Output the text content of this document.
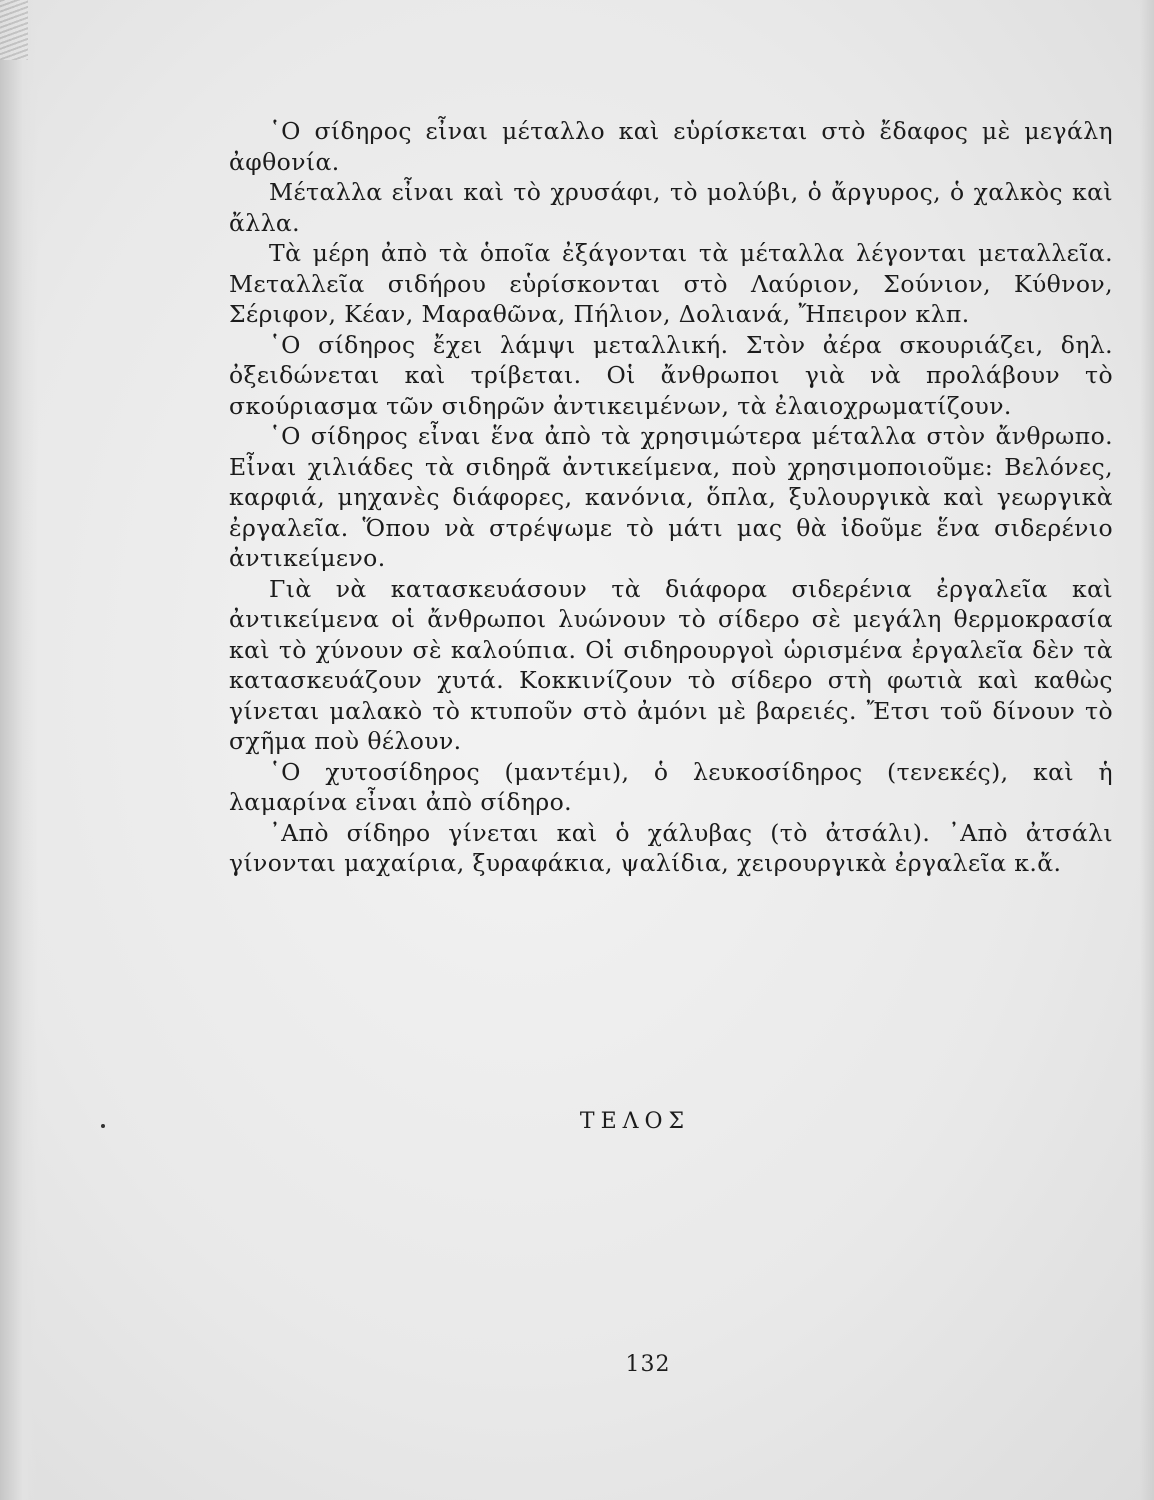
῾Ο σίδηρος εἶναι μέταλλο καὶ εὑρίσκεται στὸ ἔδαφος μὲ μεγάλη ἀφθονία.

Μέταλλα εἶναι καὶ τὸ χρυσάφι, τὸ μολύβι, ὁ ἄργυρος, ὁ χαλκὸς καὶ ἄλλα.

Τὰ μέρη ἀπὸ τὰ ὁποῖα ἐξάγονται τὰ μέταλλα λέγονται μεταλλεῖα. Μεταλλεῖα σιδήρου εὑρίσκονται στὸ Λαύριον, Σούνιον, Κύθνον, Σέριφον, Κέαν, Μαραθῶνα, Πήλιον, Δολιανά, Ἤπειρον κλπ.

῾Ο σίδηρος ἔχει λάμψι μεταλλική. Στὸν ἀέρα σκουριάζει, δηλ. ὀξειδώνεται καὶ τρίβεται. Οἱ ἄνθρωποι γιὰ νὰ προλάβουν τὸ σκούριασμα τῶν σιδηρῶν ἀντικειμένων, τὰ ἐλαιοχρωματίζουν.

῾Ο σίδηρος εἶναι ἕνα ἀπὸ τὰ χρησιμώτερα μέταλλα στὸν ἄνθρωπο. Εἶναι χιλιάδες τὰ σιδηρᾶ ἀντικείμενα, ποὺ χρησιμοποιοῦμε: Βελόνες, καρφιά, μηχανὲς διάφορες, κανόνια, ὅπλα, ξυλουργικὰ καὶ γεωργικὰ ἐργαλεῖα. Ὅπου νὰ στρέψωμε τὸ μάτι μας θὰ ἰδοῦμε ἕνα σιδερένιο ἀντικείμενο.

Γιὰ νὰ κατασκευάσουν τὰ διάφορα σιδερένια ἐργαλεῖα καὶ ἀντικείμενα οἱ ἄνθρωποι λυώνουν τὸ σίδερο σὲ μεγάλη θερμοκρασία καὶ τὸ χύνουν σὲ καλούπια. Οἱ σιδηρουργοὶ ὡρισμένα ἐργαλεῖα δὲν τὰ κατασκευάζουν χυτά. Κοκκινίζουν τὸ σίδερο στὴ φωτιὰ καὶ καθὼς γίνεται μαλακὸ τὸ κτυποῦν στὸ ἀμόνι μὲ βαρειές. Ἔτσι τοῦ δίνουν τὸ σχῆμα ποὺ θέλουν.

῾Ο χυτοσίδηρος (μαντέμι), ὁ λευκοσίδηρος (τενεκές), καὶ ἡ λαμαρίνα εἶναι ἀπὸ σίδηρο.

᾿Απὸ σίδηρο γίνεται καὶ ὁ χάλυβας (τὸ ἀτσάλι). ᾿Απὸ ἀτσάλι γίνονται μαχαίρια, ξυραφάκια, ψαλίδια, χειρουργικὰ ἐργαλεῖα κ.ἄ.

ΤΕΛΟΣ
132
